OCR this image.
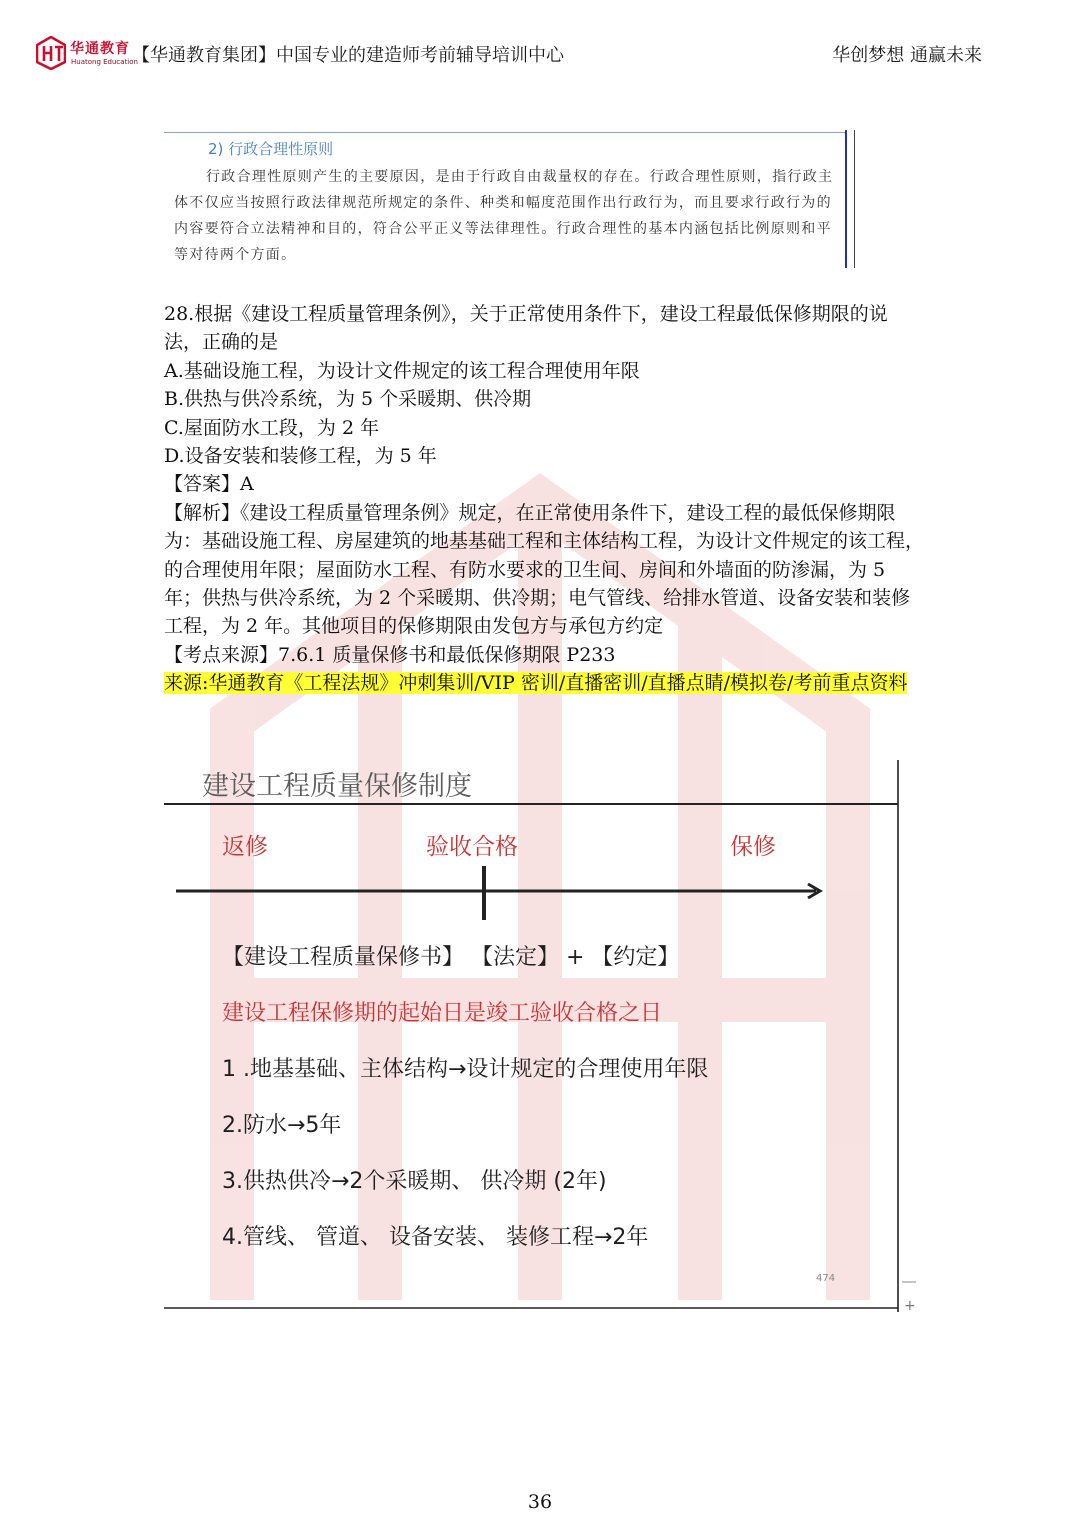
华通教育
Huatong Education
【华通教育集团】中国专业的建造师考前辅导培训中心	华创梦想 通赢未来
2) 行政合理性原则
行政合理性原则产生的主要原因，是由于行政自由裁量权的存在。行政合理性原则，指行政主体不仅应当按照行政法律规范所规定的条件、种类和幅度范围作出行政行为，而且要求行政行为的内容要符合立法精神和目的，符合公平正义等法律理性。行政合理性的基本内涵包括比例原则和平等对待两个方面。

28.根据《建设工程质量管理条例》，关于正常使用条件下，建设工程最低保修期限的说法，正确的是

A.基础设施工程，为设计文件规定的该工程合理使用年限

B.供热与供冷系统，为 5 个采暖期、供冷期

C.屋面防水工段，为 2 年

D.设备安装和装修工程，为 5 年

【答案】A

【解析】《建设工程质量管理条例》规定，在正常使用条件下，建设工程的最低保修期限为：基础设施工程、房屋建筑的地基基础工程和主体结构工程，为设计文件规定的该工程，的合理使用年限；屋面防水工程、有防水要求的卫生间、房间和外墙面的防渗漏，为 5 年；供热与供冷系统，为 2 个采暖期、供冷期；电气管线、给排水管道、设备安装和装修工程，为 2 年。其他项目的保修期限由发包方与承包方约定

【考点来源】7.6.1 质量保修书和最低保修期限 P233

来源:华通教育《工程法规》冲刺集训/VIP 密训/直播密训/直播点睛/模拟卷/考前重点资料

建设工程质量保修制度
返修	验收合格	保修
【建设工程质量保修书】 【法定】 + 【约定】
建设工程保修期的起始日是竣工验收合格之日
1 .地基基础、主体结构→设计规定的合理使用年限
2.防水→5年
3.供热供冷→2个采暖期、 供冷期 (2年)
4.管线、 管道、 设备安装、 装修工程→2年
474
+
36
